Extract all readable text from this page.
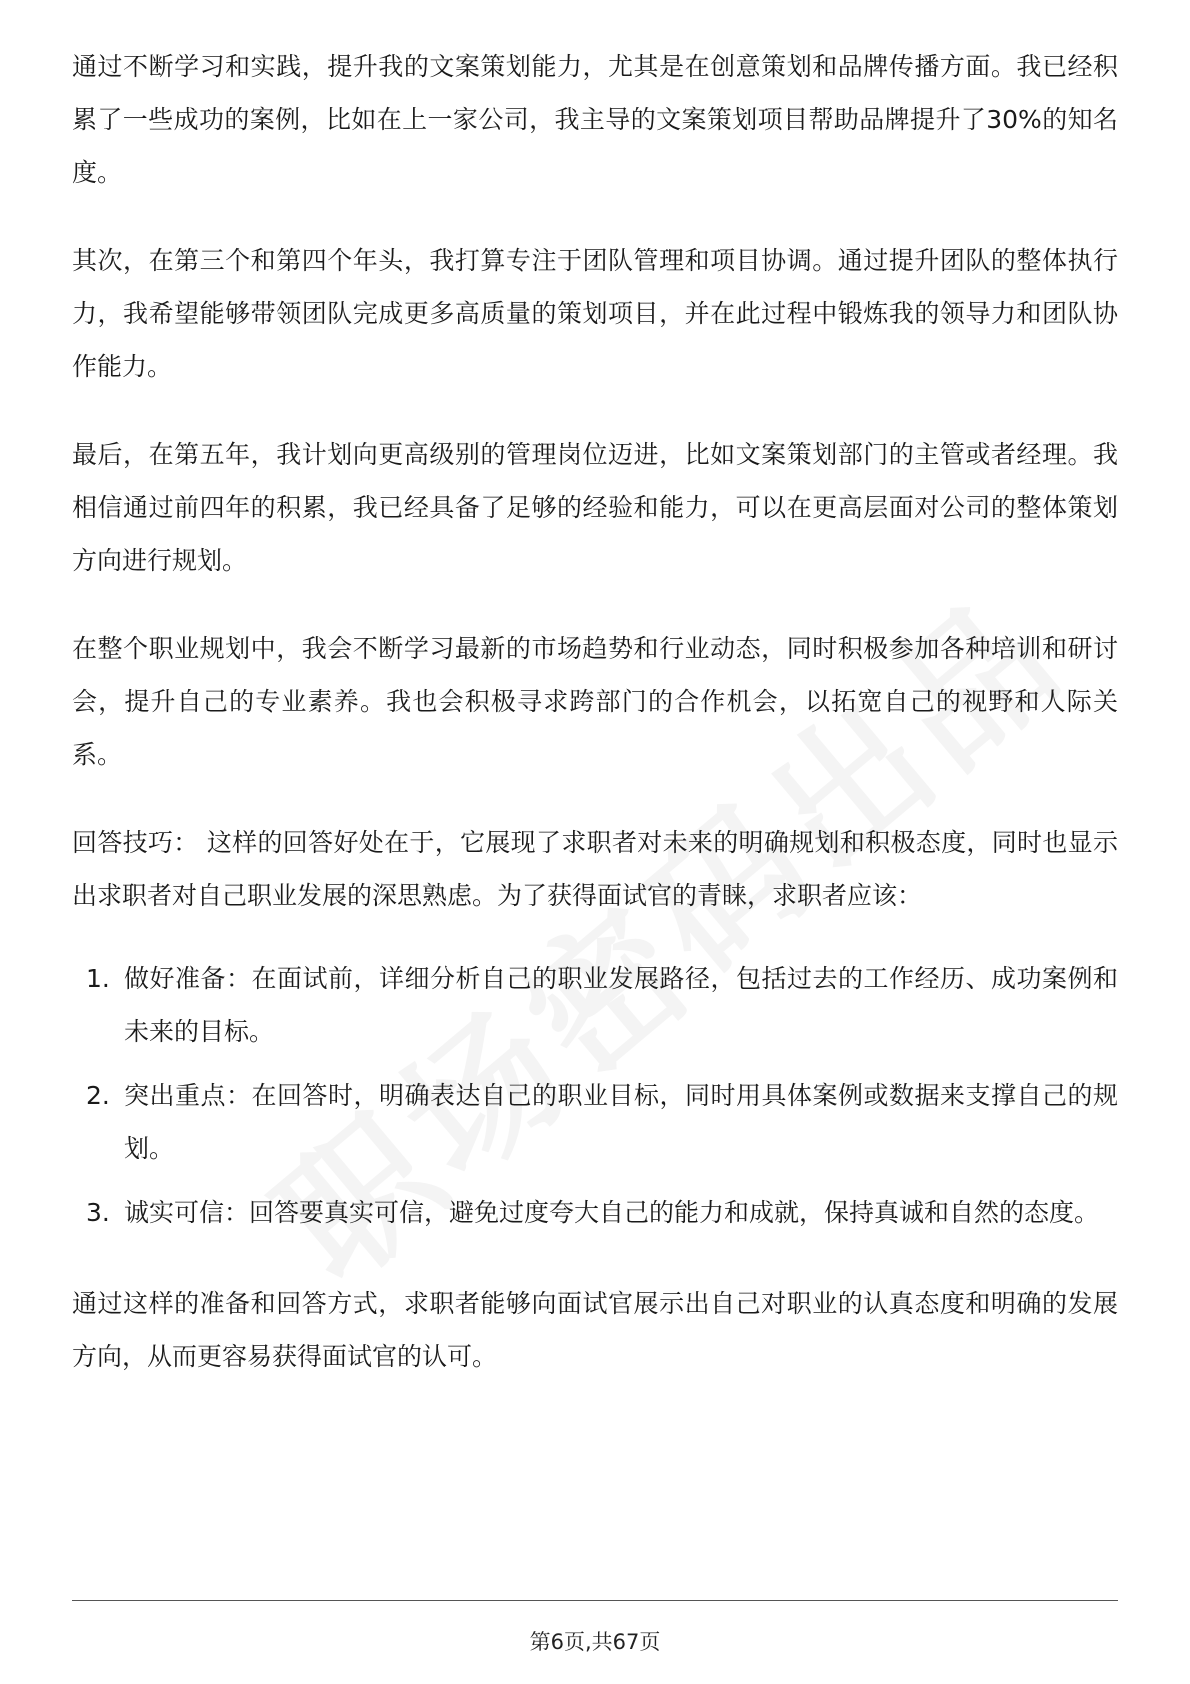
通过不断学习和实践，提升我的文案策划能力，尤其是在创意策划和品牌传播方面。我已经积累了一些成功的案例，比如在上一家公司，我主导的文案策划项目帮助品牌提升了30%的知名度。

其次，在第三个和第四个年头，我打算专注于团队管理和项目协调。通过提升团队的整体执行力，我希望能够带领团队完成更多高质量的策划项目，并在此过程中锻炼我的领导力和团队协作能力。

最后，在第五年，我计划向更高级别的管理岗位迈进，比如文案策划部门的主管或者经理。我相信通过前四年的积累，我已经具备了足够的经验和能力，可以在更高层面对公司的整体策划方向进行规划。

在整个职业规划中，我会不断学习最新的市场趋势和行业动态，同时积极参加各种培训和研讨会，提升自己的专业素养。我也会积极寻求跨部门的合作机会，以拓宽自己的视野和人际关系。

回答技巧： 这样的回答好处在于，它展现了求职者对未来的明确规划和积极态度，同时也显示出求职者对自己职业发展的深思熟虑。为了获得面试官的青睐，求职者应该：

1. 做好准备：在面试前，详细分析自己的职业发展路径，包括过去的工作经历、成功案例和未来的目标。
2. 突出重点：在回答时，明确表达自己的职业目标，同时用具体案例或数据来支撑自己的规划。
3. 诚实可信：回答要真实可信，避免过度夸大自己的能力和成就，保持真诚和自然的态度。

通过这样的准备和回答方式，求职者能够向面试官展示出自己对职业的认真态度和明确的发展方向，从而更容易获得面试官的认可。

第6页,共67页
